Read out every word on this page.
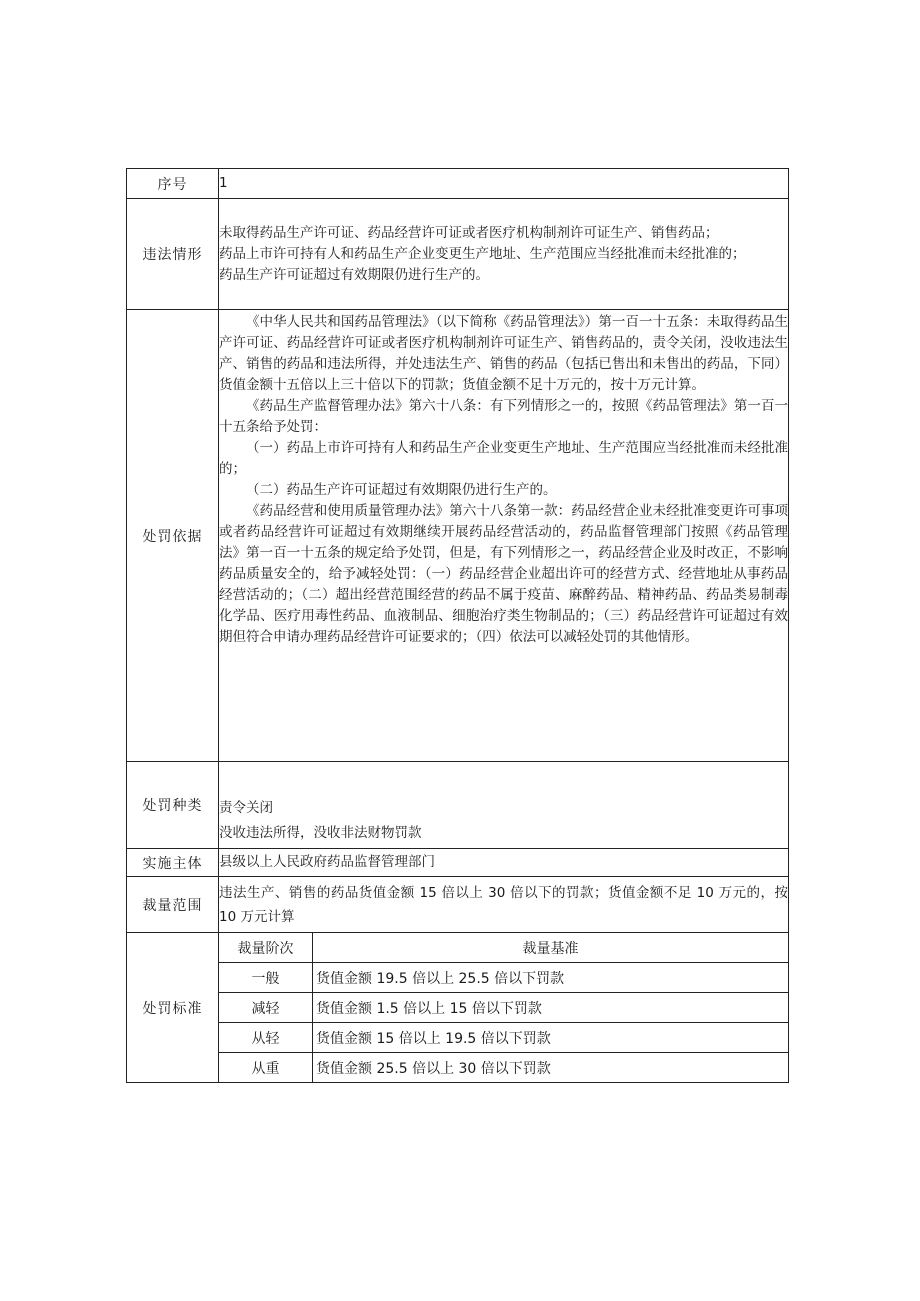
序号	1
违法情形	

未取得药品生产许可证、药品经营许可证或者医疗机构制剂许可证生产、销售药品；

药品上市许可持有人和药品生产企业变更生产地址、生产范围应当经批准而未经批准的；

药品生产许可证超过有效期限仍进行生产的。

处罚依据	

《中华人民共和国药品管理法》（以下简称《药品管理法》）第一百一十五条：未取得药品生产许可证、药品经营许可证或者医疗机构制剂许可证生产、销售药品的，责令关闭，没收违法生产、销售的药品和违法所得，并处违法生产、销售的药品（包括已售出和未售出的药品，下同）货值金额十五倍以上三十倍以下的罚款；货值金额不足十万元的，按十万元计算。

《药品生产监督管理办法》第六十八条：有下列情形之一的，按照《药品管理法》第一百一十五条给予处罚：

（一）药品上市许可持有人和药品生产企业变更生产地址、生产范围应当经批准而未经批准的；

（二）药品生产许可证超过有效期限仍进行生产的。

《药品经营和使用质量管理办法》第六十八条第一款：药品经营企业未经批准变更许可事项或者药品经营许可证超过有效期继续开展药品经营活动的，药品监督管理部门按照《药品管理法》第一百一十五条的规定给予处罚，但是，有下列情形之一，药品经营企业及时改正，不影响药品质量安全的，给予减轻处罚：（一）药品经营企业超出许可的经营方式、经营地址从事药品经营活动的；（二）超出经营范围经营的药品不属于疫苗、麻醉药品、精神药品、药品类易制毒化学品、医疗用毒性药品、血液制品、细胞治疗类生物制品的；（三）药品经营许可证超过有效期但符合申请办理药品经营许可证要求的；（四）依法可以减轻处罚的其他情形。

处罚种类	责令关闭

没收违法所得，没收非法财物罚款

实施主体	县级以上人民政府药品监督管理部门
裁量范围	违法生产、销售的药品货值金额 15 倍以上 30 倍以下的罚款；货值金额不足 10 万元的，按 10 万元计算
处罚标准	
裁量阶次	裁量基准
一般	货值金额 19.5 倍以上 25.5 倍以下罚款
减轻	货值金额 1.5 倍以上 15 倍以下罚款
从轻	货值金额 15 倍以上 19.5 倍以下罚款
从重	货值金额 25.5 倍以上 30 倍以下罚款
